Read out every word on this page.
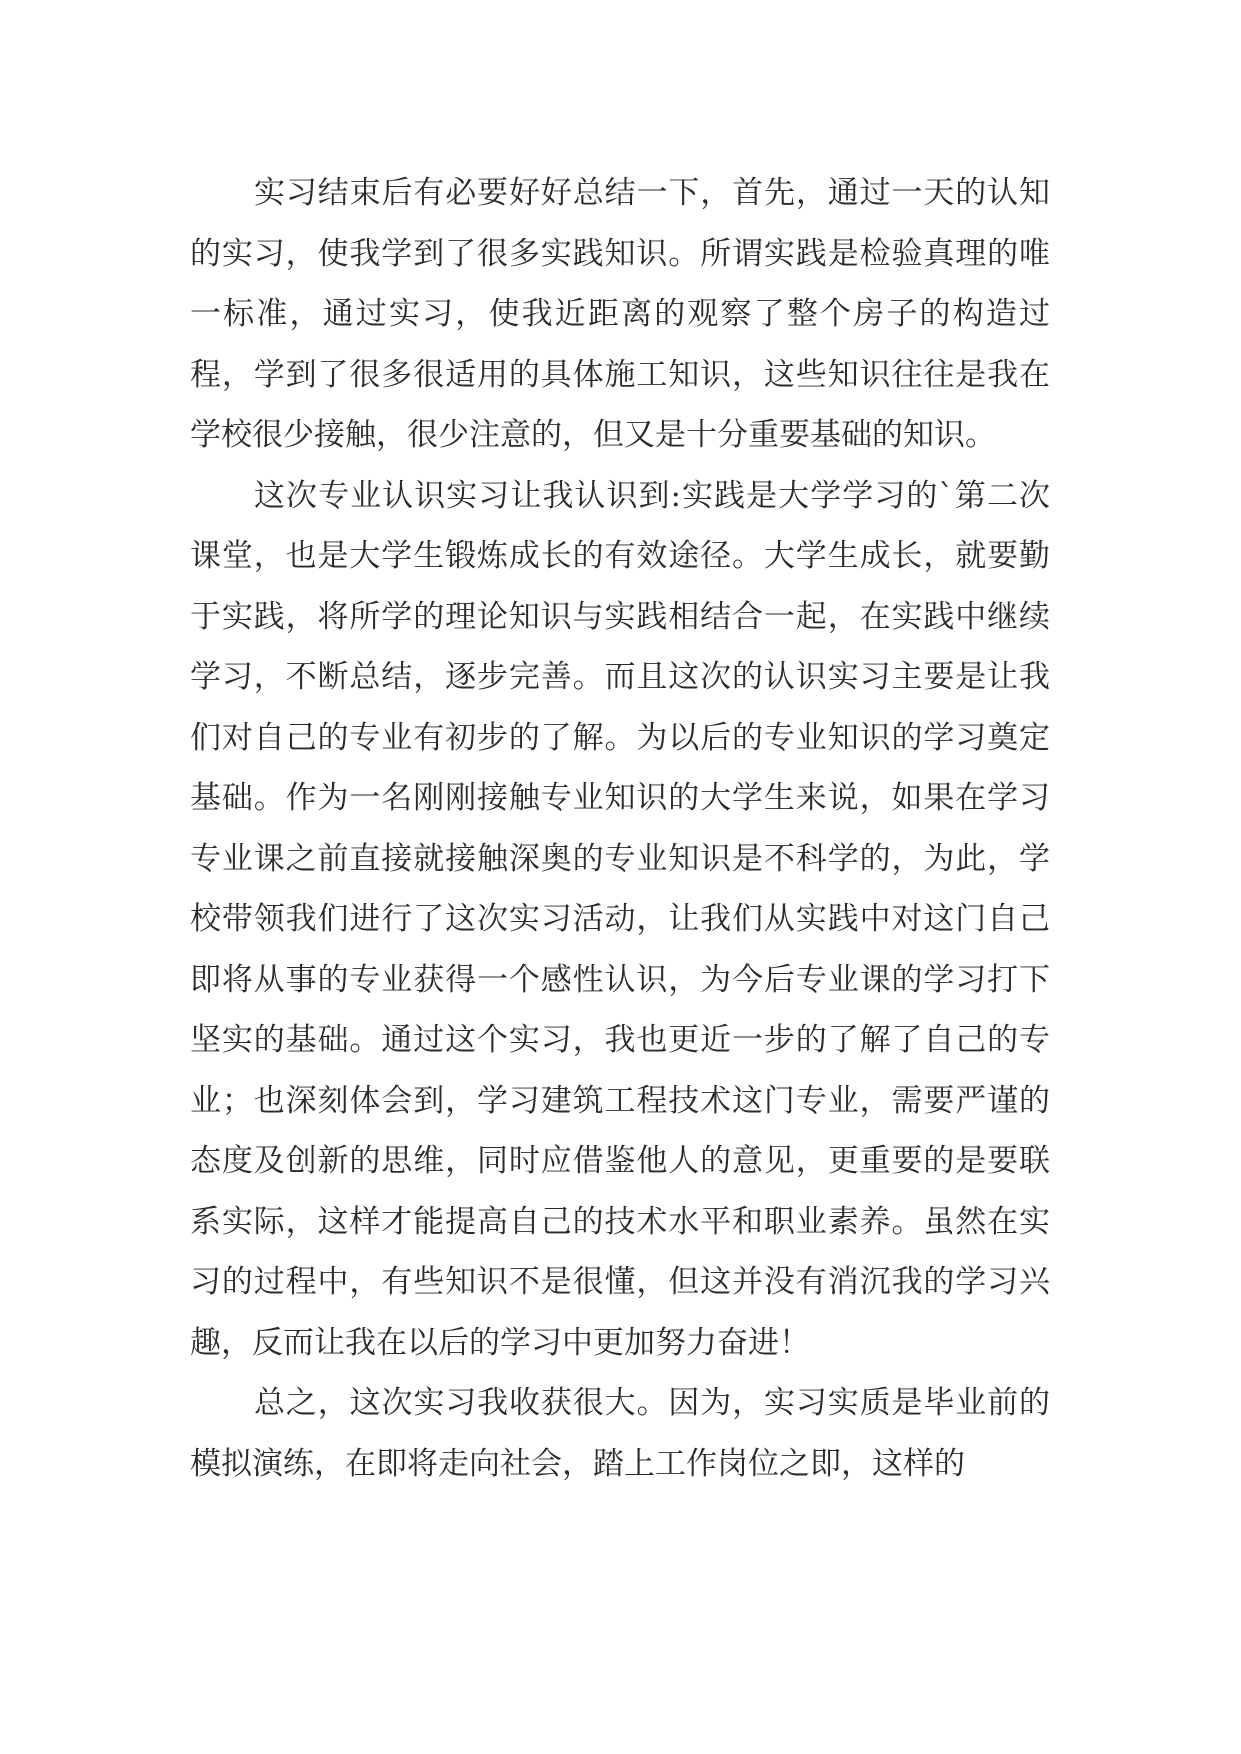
实习结束后有必要好好总结一下，首先，通过一天的认知的实习，使我学到了很多实践知识。所谓实践是检验真理的唯一标准，通过实习，使我近距离的观察了整个房子的构造过程，学到了很多很适用的具体施工知识，这些知识往往是我在学校很少接触，很少注意的，但又是十分重要基础的知识。

这次专业认识实习让我认识到:实践是大学学习的`第二次课堂，也是大学生锻炼成长的有效途径。大学生成长，就要勤于实践，将所学的理论知识与实践相结合一起，在实践中继续学习，不断总结，逐步完善。而且这次的认识实习主要是让我们对自己的专业有初步的了解。为以后的专业知识的学习奠定基础。作为一名刚刚接触专业知识的大学生来说，如果在学习专业课之前直接就接触深奥的专业知识是不科学的，为此，学校带领我们进行了这次实习活动，让我们从实践中对这门自己即将从事的专业获得一个感性认识，为今后专业课的学习打下坚实的基础。通过这个实习，我也更近一步的了解了自己的专业；也深刻体会到，学习建筑工程技术这门专业，需要严谨的态度及创新的思维，同时应借鉴他人的意见，更重要的是要联系实际，这样才能提高自己的技术水平和职业素养。虽然在实习的过程中，有些知识不是很懂，但这并没有消沉我的学习兴趣，反而让我在以后的学习中更加努力奋进！

总之，这次实习我收获很大。因为，实习实质是毕业前的模拟演练，在即将走向社会，踏上工作岗位之即，这样的
